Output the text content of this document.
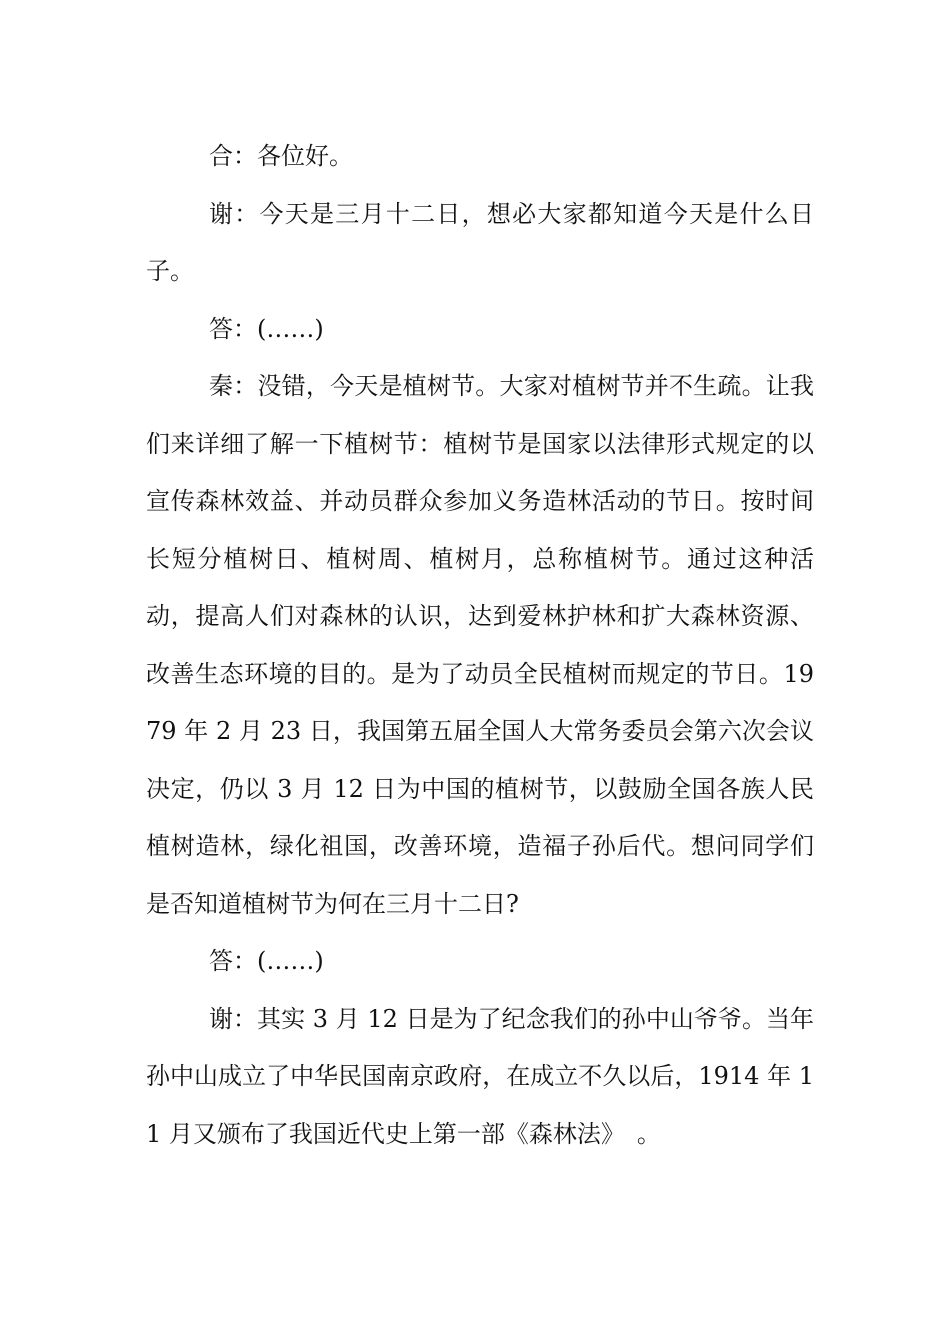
合：各位好。

谢：今天是三月十二日，想必大家都知道今天是什么日子。

答：(……)

秦：没错，今天是植树节。大家对植树节并不生疏。让我们来详细了解一下植树节：植树节是国家以法律形式规定的以宣传森林效益、并动员群众参加义务造林活动的节日。按时间长短分植树日、植树周、植树月，总称植树节。通过这种活动，提高人们对森林的认识，达到爱林护林和扩大森林资源、改善生态环境的目的。是为了动员全民植树而规定的节日。1979 年 2 月 23 日，我国第五届全国人大常务委员会第六次会议决定，仍以 3 月 12 日为中国的植树节，以鼓励全国各族人民植树造林，绿化祖国，改善环境，造福子孙后代。想问同学们是否知道植树节为何在三月十二日?

答：(……)

谢：其实 3 月 12 日是为了纪念我们的孙中山爷爷。当年孙中山成立了中华民国南京政府，在成立不久以后，1914 年 11 月又颁布了我国近代史上第一部《森林法》　。
